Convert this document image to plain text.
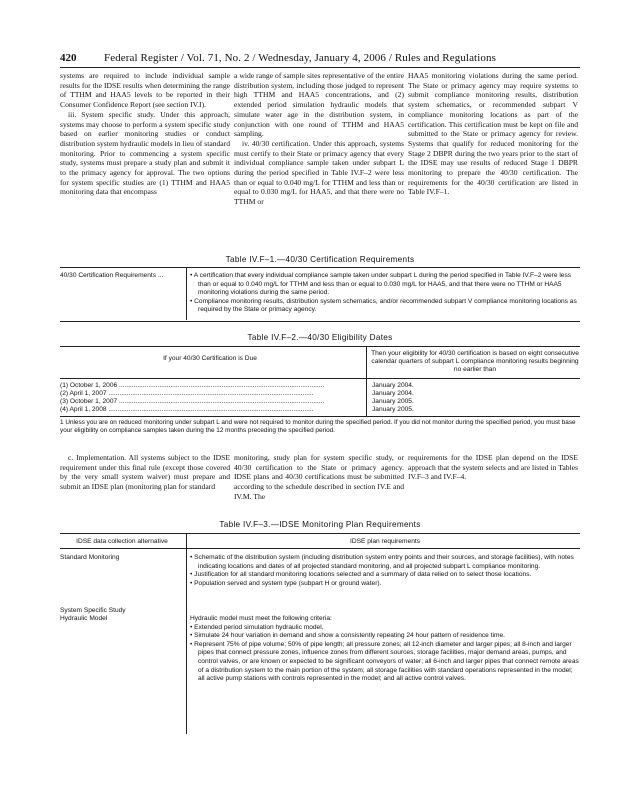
420	Federal Register / Vol. 71, No. 2 / Wednesday, January 4, 2006 / Rules and Regulations

systems are required to include individual sample results for the IDSE results when determining the range of TTHM and HAA5 levels to be reported in their Consumer Confidence Report (see section IV.I).

iii. System specific study. Under this approach, systems may choose to perform a system specific study based on earlier monitoring studies or conduct distribution system hydraulic models in lieu of standard monitoring. Prior to commencing a system specific study, systems must prepare a study plan and submit it to the primacy agency for approval. The two options for system specific studies are (1) TTHM and HAA5 monitoring data that encompass

a wide range of sample sites representative of the entire distribution system, including those judged to represent high TTHM and HAA5 concentrations, and (2) extended period simulation hydraulic models that simulate water age in the distribution system, in conjunction with one round of TTHM and HAA5 sampling.

iv. 40/30 certification. Under this approach, systems must certify to their State or primacy agency that every individual compliance sample taken under subpart L during the period specified in Table IV.F–2 were less than or equal to 0.040 mg/L for TTHM and less than or equal to 0.030 mg/L for HAA5, and that there were no TTHM or

HAA5 monitoring violations during the same period. The State or primacy agency may require systems to submit compliance monitoring results, distribution system schematics, or recommended subpart V compliance monitoring locations as part of the certification. This certification must be kept on file and submitted to the State or primacy agency for review. Systems that qualify for reduced monitoring for the Stage 2 DBPR during the two years prior to the start of the IDSE may use results of reduced Stage 1 DBPR monitoring to prepare the 40/30 certification. The requirements for the 40/30 certification are listed in Table IV.F–1.

Table IV.F–1.—40/30 Certification Requirements
40/30 Certification Requirements ...	• A certification that every individual compliance sample taken under subpart L during the period specified in Table IV.F–2 were less than or equal to 0.040 mg/L for TTHM and less than or equal to 0.030 mg/L for HAA5, and that there were no TTHM or HAA5 monitoring violations during the same period.
• Compliance monitoring results, distribution system schematics, and/or recommended subpart V compliance monitoring locations as required by the State or primacy agency.
Table IV.F–2.—40/30 Eligibility Dates
If your 40/30 Certification is Due
Then your eligibility for 40/30 certification is based on eight consecutive calendar quarters of subpart L compliance monitoring results beginning no earlier than
(1) October 1, 2006 ................................................................................................................	January 2004.
(2) April 1, 2007 ................................................................................................................	January 2004.
(3) October 1, 2007 ................................................................................................................	January 2005.
(4) April 1, 2008 ................................................................................................................	January 2005.
1 Unless you are on reduced monitoring under subpart L and were not required to monitor during the specified period. If you did not monitor during the specified period, you must base your eligibility on compliance samples taken during the 12 months preceding the specified period.

c. Implementation. All systems subject to the IDSE requirement under this final rule (except those covered by the very small system waiver) must prepare and submit an IDSE plan (monitoring plan for standard

monitoring, study plan for system specific study, or 40/30 certification to the State or primacy agency. IDSE plans and 40/30 certifications must be submitted according to the schedule described in section IV.E and IV.M. The

requirements for the IDSE plan depend on the IDSE approach that the system selects and are listed in Tables IV.F–3 and IV.F–4.

Table IV.F–3.—IDSE Monitoring Plan Requirements
IDSE data collection alternative	IDSE plan requirements
Standard Monitoring	• Schematic of the distribution system (including distribution system entry points and their sources, and storage facilities), with notes indicating locations and dates of all projected standard monitoring, and all projected subpart L compliance monitoring.
• Justification for all standard monitoring locations selected and a summary of data relied on to select those locations.
• Population served and system type (subpart H or ground water).
System Specific Study
Hydraulic Model	Hydraulic model must meet the following criteria:
• Extended period simulation hydraulic model.
• Simulate 24 hour variation in demand and show a consistently repeating 24 hour pattern of residence time.
• Represent 75% of pipe volume; 50% of pipe length; all pressure zones; all 12-inch diameter and larger pipes; all 8-inch and larger pipes that connect pressure zones, influence zones from different sources, storage facilities, major demand areas, pumps, and control valves, or are known or expected to be significant conveyors of water; all 6-inch and larger pipes that connect remote areas of a distribution system to the main portion of the system; all storage facilities with standard operations represented in the model; all active pump stations with controls represented in the model; and all active control valves.
